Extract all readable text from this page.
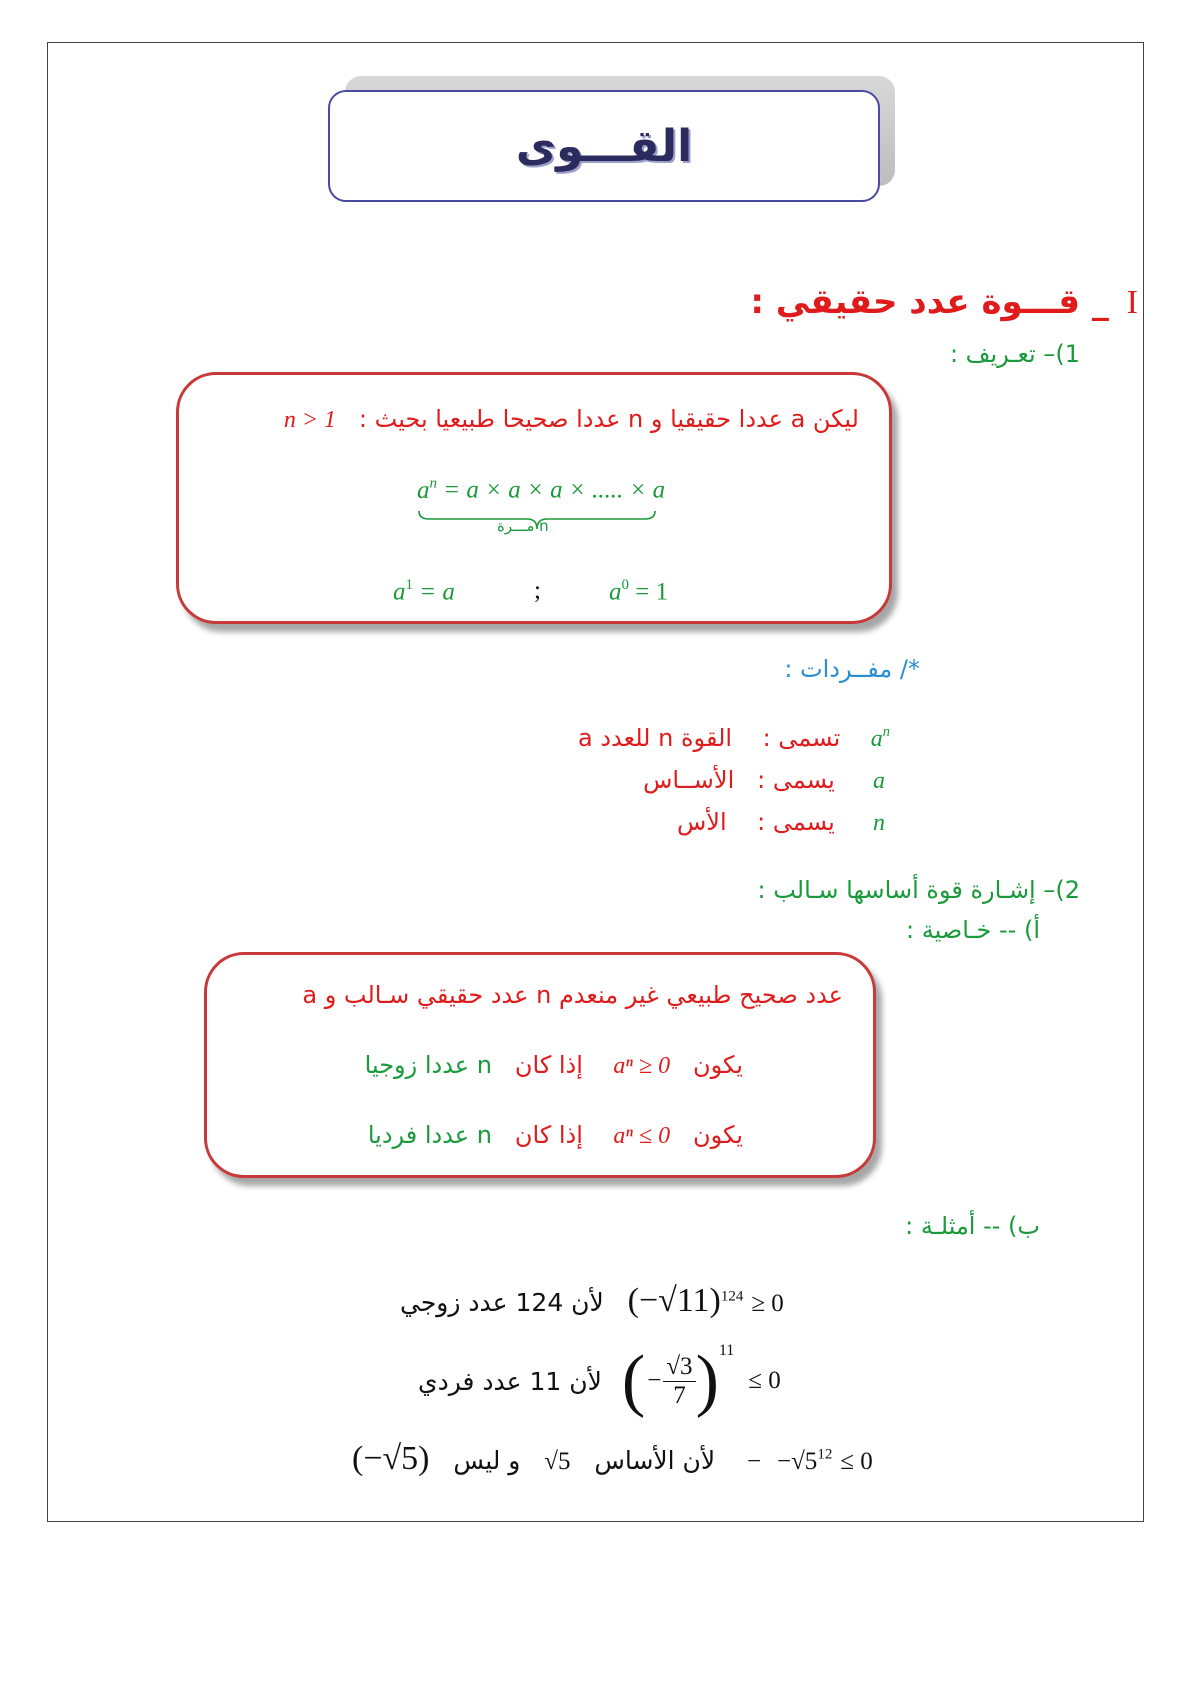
القـــوى
I _ قـــوة عدد حقيقي :
1)– تعـريف :
ليكن a عددا حقيقيا و n عددا صحيحا طبيعيا بحيث :   n > 1
$a^n = a \times a \times a$ × ..... × a
n مـــرة
$a^1 = a$	;	$a^0 = 1$
*/ مفــردات :
$a^n$    تسمى :    القوة n للعدد a
a     يسمى :   الأســاس
n     يسمى :    الأس
2)– إشـارة قوة أساسها سـالب :
أ) -- خـاصية :
a عدد حقيقي سـالب و n عدد صحيح طبيعي غير منعدم
يكون   aⁿ ≥ 0    إذا كان   n عددا زوجيا
يكون   aⁿ ≤ 0    إذا كان   n عددا فرديا
ب) -- أمثلـة :
لأن 124 عدد زوجي $(-√11)^{124} \ge 0$
لأن 11 عدد فردي ( − $\frac{√3}{7}$ ) 11
≤ 0
(−√5) و ليس √5 لأن الأساس − $-√5^{12} \le 0$
